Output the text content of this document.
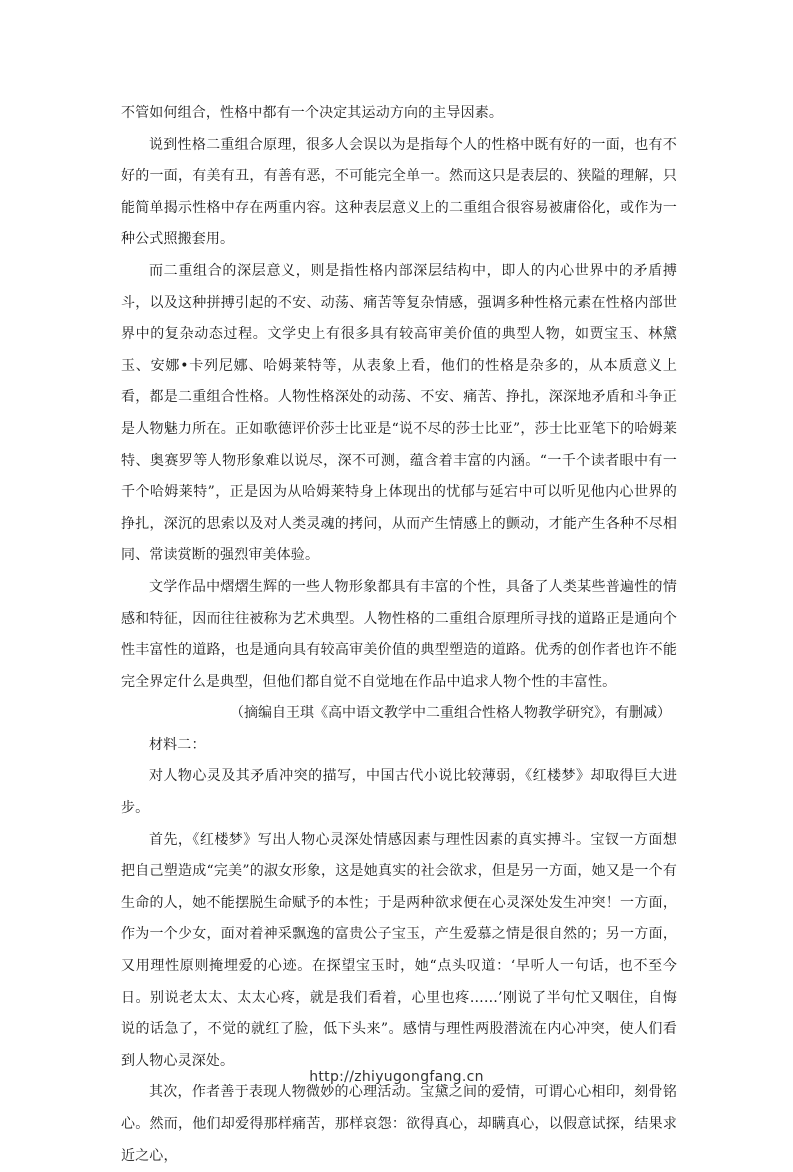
不管如何组合，性格中都有一个决定其运动方向的主导因素。

说到性格二重组合原理，很多人会误以为是指每个人的性格中既有好的一面，也有不好的一面，有美有丑，有善有恶，不可能完全单一。然而这只是表层的、狭隘的理解，只能简单揭示性格中存在两重内容。这种表层意义上的二重组合很容易被庸俗化，或作为一种公式照搬套用。

而二重组合的深层意义，则是指性格内部深层结构中，即人的内心世界中的矛盾搏斗，以及这种拼搏引起的不安、动荡、痛苦等复杂情感，强调多种性格元素在性格内部世界中的复杂动态过程。文学史上有很多具有较高审美价值的典型人物，如贾宝玉、林黛玉、安娜•卡列尼娜、哈姆莱特等，从表象上看，他们的性格是杂多的，从本质意义上看，都是二重组合性格。人物性格深处的动荡、不安、痛苦、挣扎，深深地矛盾和斗争正是人物魅力所在。正如歌德评价莎士比亚是“说不尽的莎士比亚”，莎士比亚笔下的哈姆莱特、奥赛罗等人物形象难以说尽，深不可测，蕴含着丰富的内涵。“一千个读者眼中有一千个哈姆莱特”，正是因为从哈姆莱特身上体现出的忧郁与延宕中可以听见他内心世界的挣扎，深沉的思索以及对人类灵魂的拷问，从而产生情感上的颤动，才能产生各种不尽相同、常读赏断的强烈审美体验。

文学作品中熠熠生辉的一些人物形象都具有丰富的个性，具备了人类某些普遍性的情感和特征，因而往往被称为艺术典型。人物性格的二重组合原理所寻找的道路正是通向个性丰富性的道路，也是通向具有较高审美价值的典型塑造的道路。优秀的创作者也许不能完全界定什么是典型，但他们都自觉不自觉地在作品中追求人物个性的丰富性。

（摘编自王琪《高中语文教学中二重组合性格人物教学研究》，有删减）

材料二：

对人物心灵及其矛盾冲突的描写，中国古代小说比较薄弱，《红楼梦》却取得巨大进步。

首先，《红楼梦》写出人物心灵深处情感因素与理性因素的真实搏斗。宝钗一方面想把自己塑造成“完美”的淑女形象，这是她真实的社会欲求，但是另一方面，她又是一个有生命的人，她不能摆脱生命赋予的本性；于是两种欲求便在心灵深处发生冲突！一方面，作为一个少女，面对着神采飘逸的富贵公子宝玉，产生爱慕之情是很自然的；另一方面，又用理性原则掩埋爱的心迹。在探望宝玉时，她“点头叹道：‘早听人一句话，也不至今日。别说老太太、太太心疼，就是我们看着，心里也疼……’刚说了半句忙又咽住，自悔说的话急了，不觉的就红了脸，低下头来”。感情与理性两股潜流在内心冲突，使人们看到人物心灵深处。

其次，作者善于表现人物微妙的心理活动。宝黛之间的爱情，可谓心心相印，刻骨铭心。然而，他们却爱得那样痛苦，那样哀怨：欲得真心，却瞒真心，以假意试探，结果求近之心，

http://zhiyugongfang.cn
